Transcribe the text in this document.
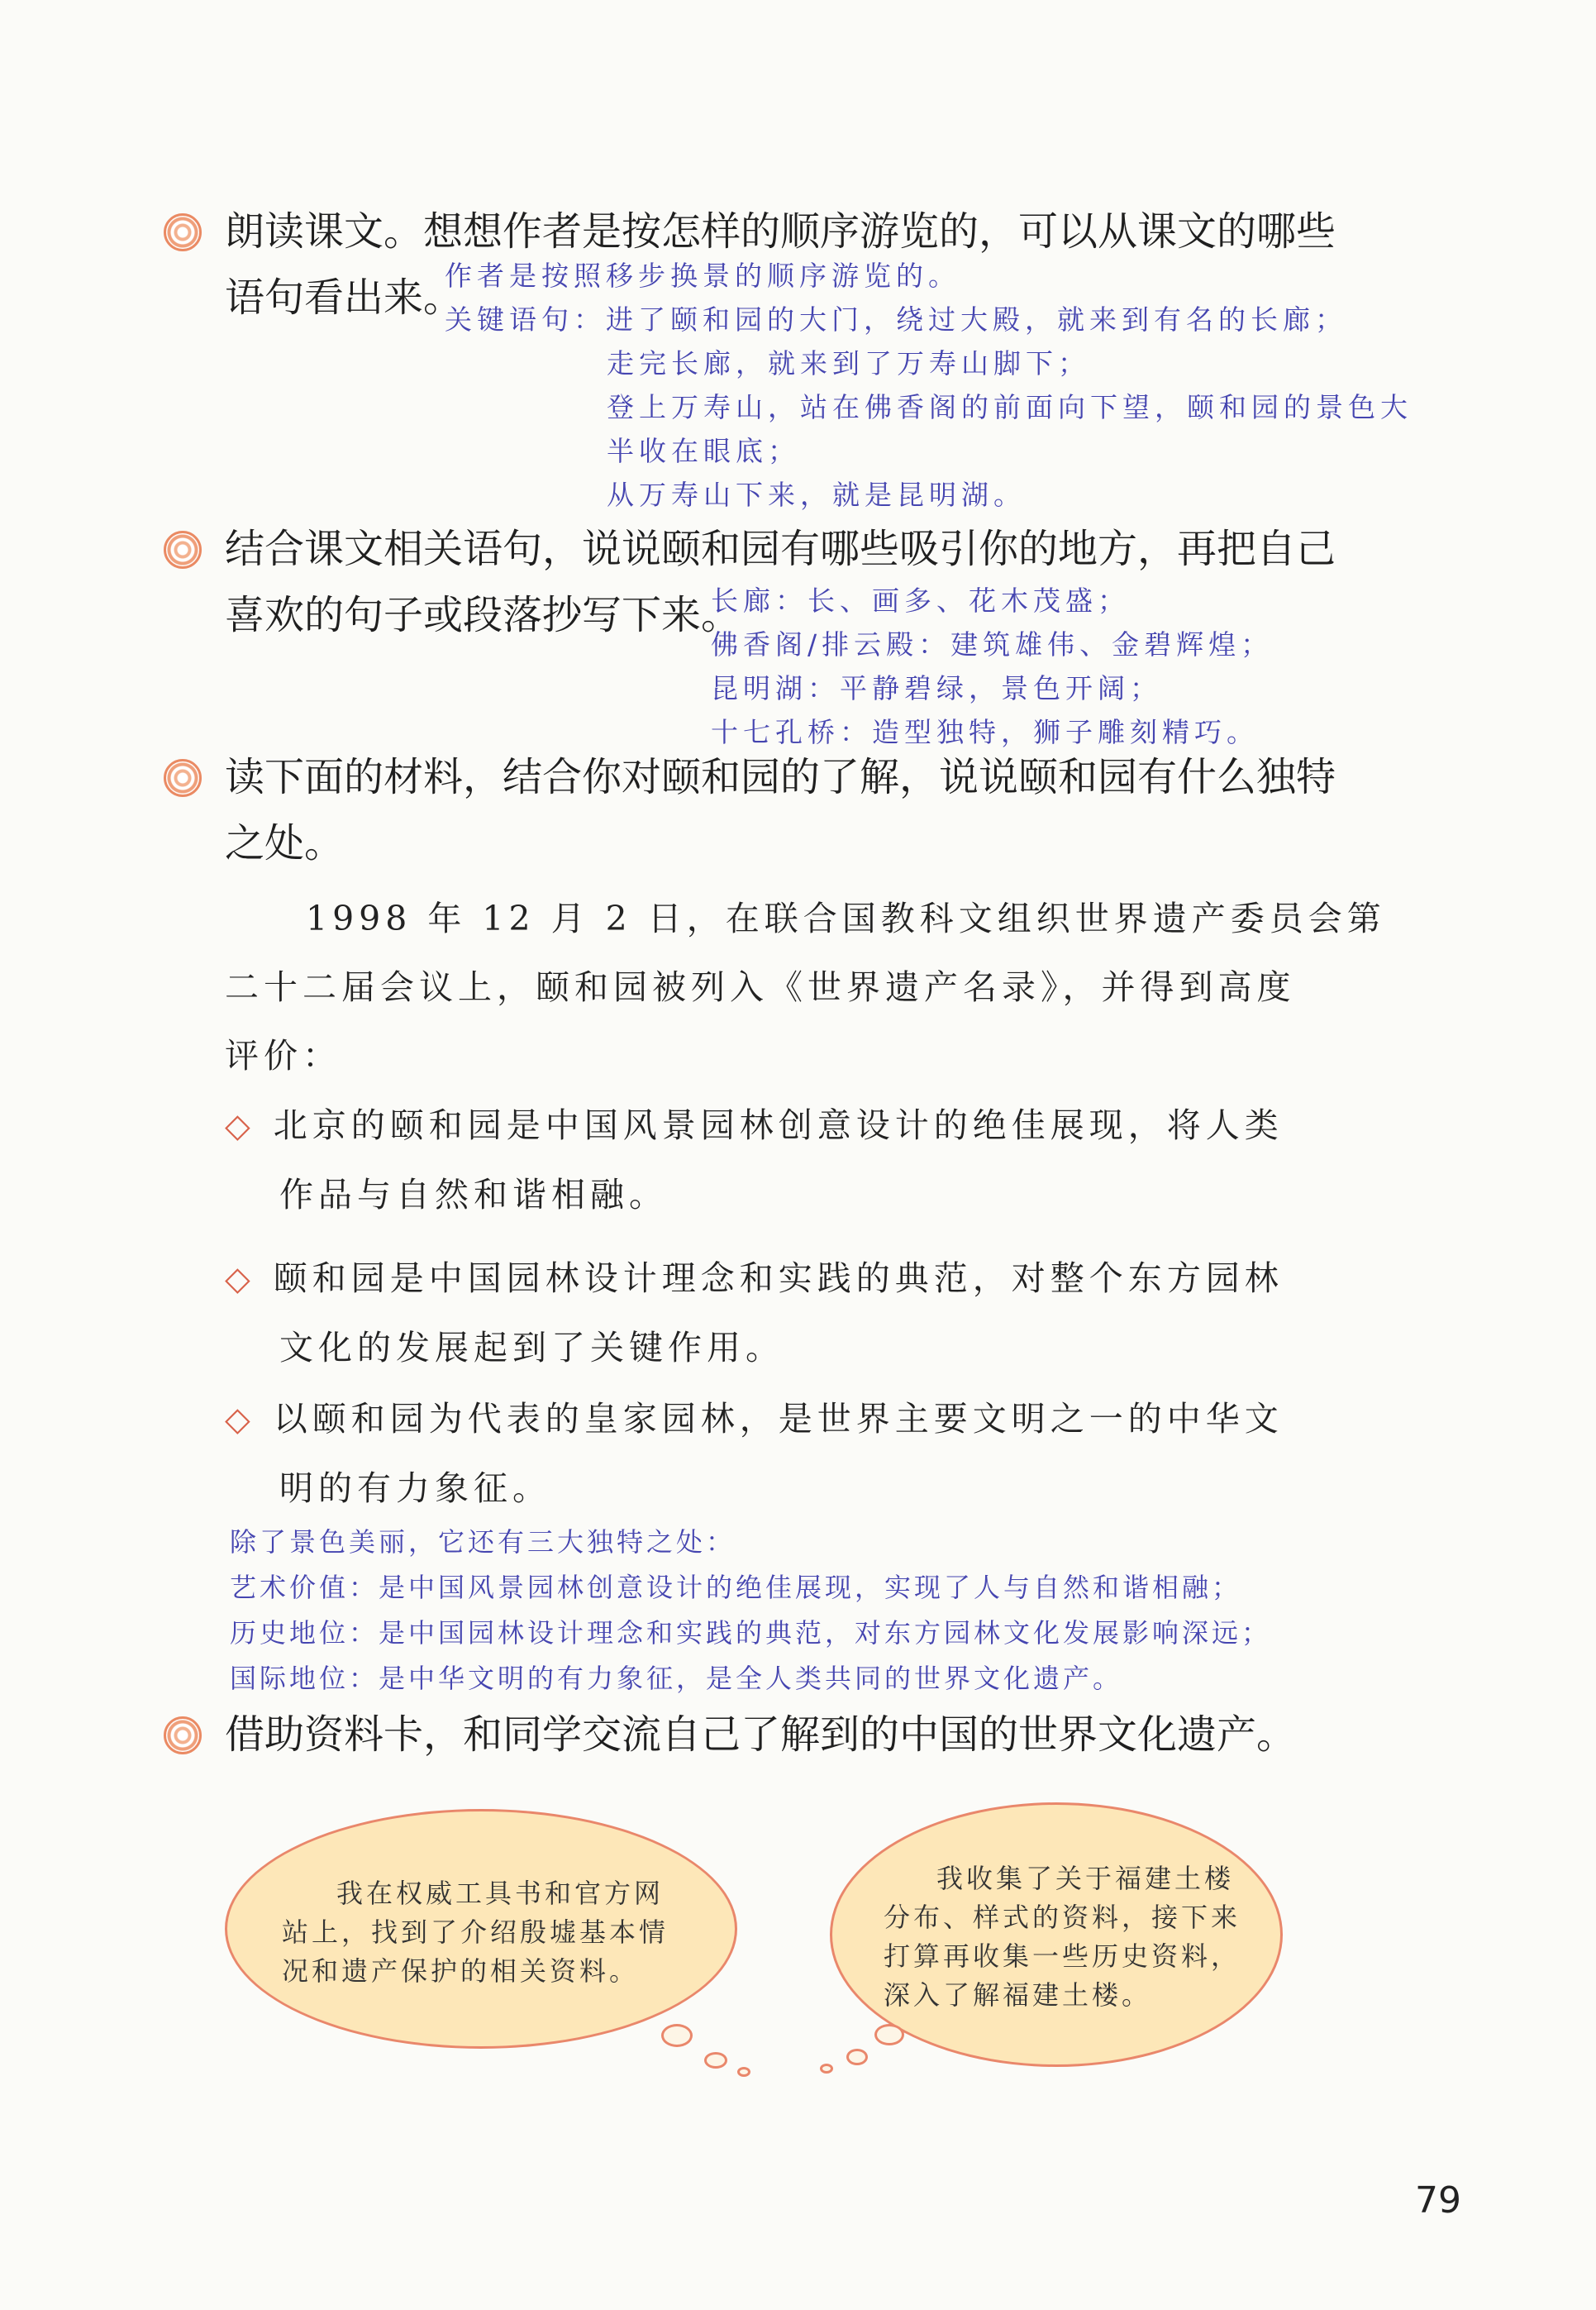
朗读课文。想想作者是按怎样的顺序游览的，可以从课文的哪些
语句看出来。
作者是按照移步换景的顺序游览的。
关键语句：进了颐和园的大门，绕过大殿，就来到有名的长廊；
走完长廊，就来到了万寿山脚下；
登上万寿山，站在佛香阁的前面向下望，颐和园的景色大
半收在眼底；
从万寿山下来，就是昆明湖。
结合课文相关语句，说说颐和园有哪些吸引你的地方，再把自己
喜欢的句子或段落抄写下来。
长廊：长、画多、花木茂盛；
佛香阁/排云殿：建筑雄伟、金碧辉煌；
昆明湖：平静碧绿，景色开阔；
十七孔桥：造型独特，狮子雕刻精巧。
读下面的材料，结合你对颐和园的了解，说说颐和园有什么独特
之处。
1998 年 12 月 2 日，在联合国教科文组织世界遗产委员会第
二十二届会议上，颐和园被列入《世界遗产名录》，并得到高度
评价：
◇ 北京的颐和园是中国风景园林创意设计的绝佳展现，将人类
作品与自然和谐相融。
◇ 颐和园是中国园林设计理念和实践的典范，对整个东方园林
文化的发展起到了关键作用。
◇ 以颐和园为代表的皇家园林，是世界主要文明之一的中华文
明的有力象征。
除了景色美丽，它还有三大独特之处：
艺术价值：是中国风景园林创意设计的绝佳展现，实现了人与自然和谐相融；
历史地位：是中国园林设计理念和实践的典范，对东方园林文化发展影响深远；
国际地位：是中华文明的有力象征，是全人类共同的世界文化遗产。
借助资料卡，和同学交流自己了解到的中国的世界文化遗产。
我在权威工具书和官方网
站上，找到了介绍殷墟基本情
况和遗产保护的相关资料。
我收集了关于福建土楼
分布、样式的资料，接下来
打算再收集一些历史资料，
深入了解福建土楼。
79
